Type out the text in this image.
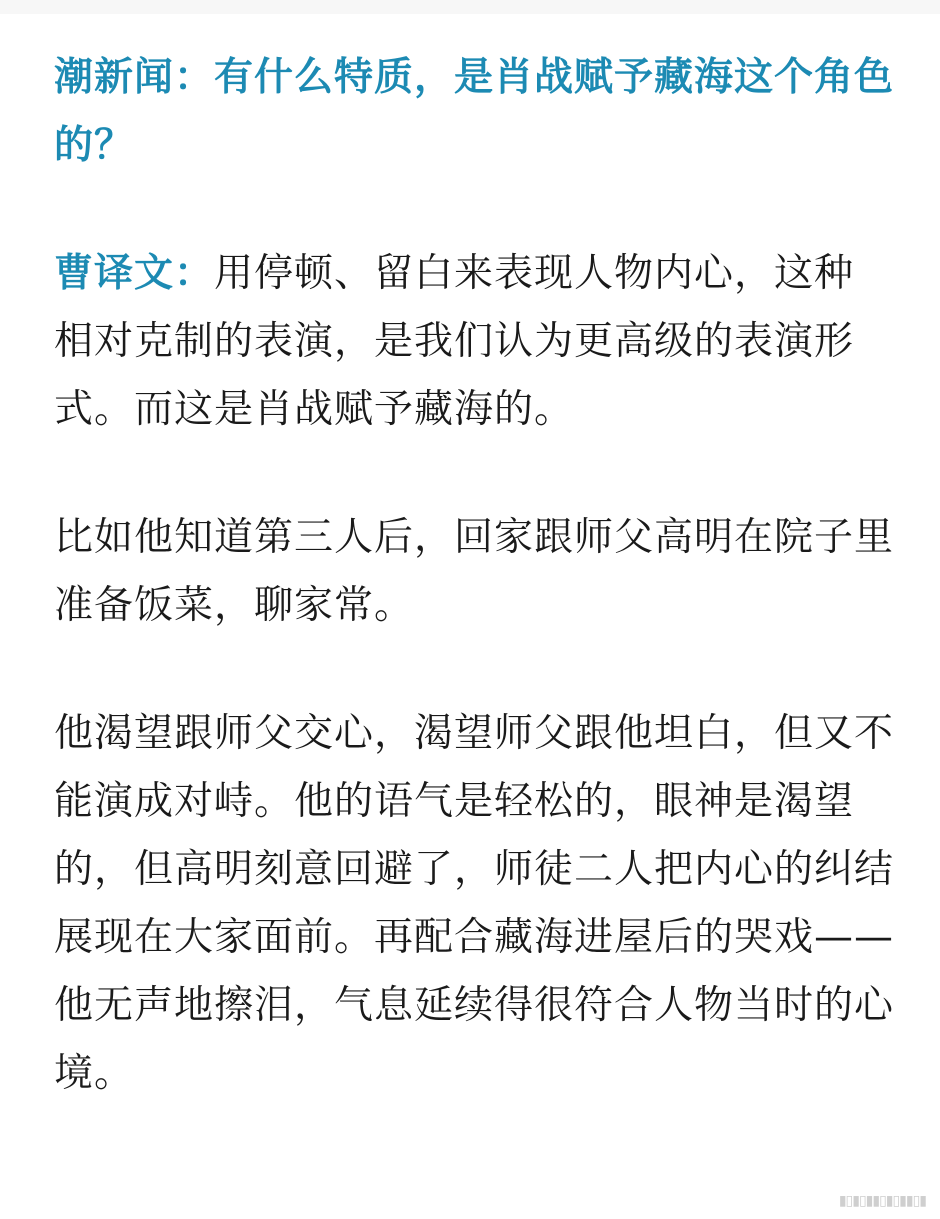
潮新闻：有什么特质，是肖战赋予藏海这个角色的？

曹译文：用停顿、留白来表现人物内心，这种相对克制的表演，是我们认为更高级的表演形式。而这是肖战赋予藏海的。

比如他知道第三人后，回家跟师父高明在院子里准备饭菜，聊家常。

他渴望跟师父交心，渴望师父跟他坦白，但又不能演成对峙。他的语气是轻松的，眼神是渴望的，但高明刻意回避了，师徒二人把内心的纠结展现在大家面前。再配合藏海进屋后的哭戏——他无声地擦泪，气息延续得很符合人物当时的心境。

▮▯▮▯▮▮▯▮▯▮▮▯▮
